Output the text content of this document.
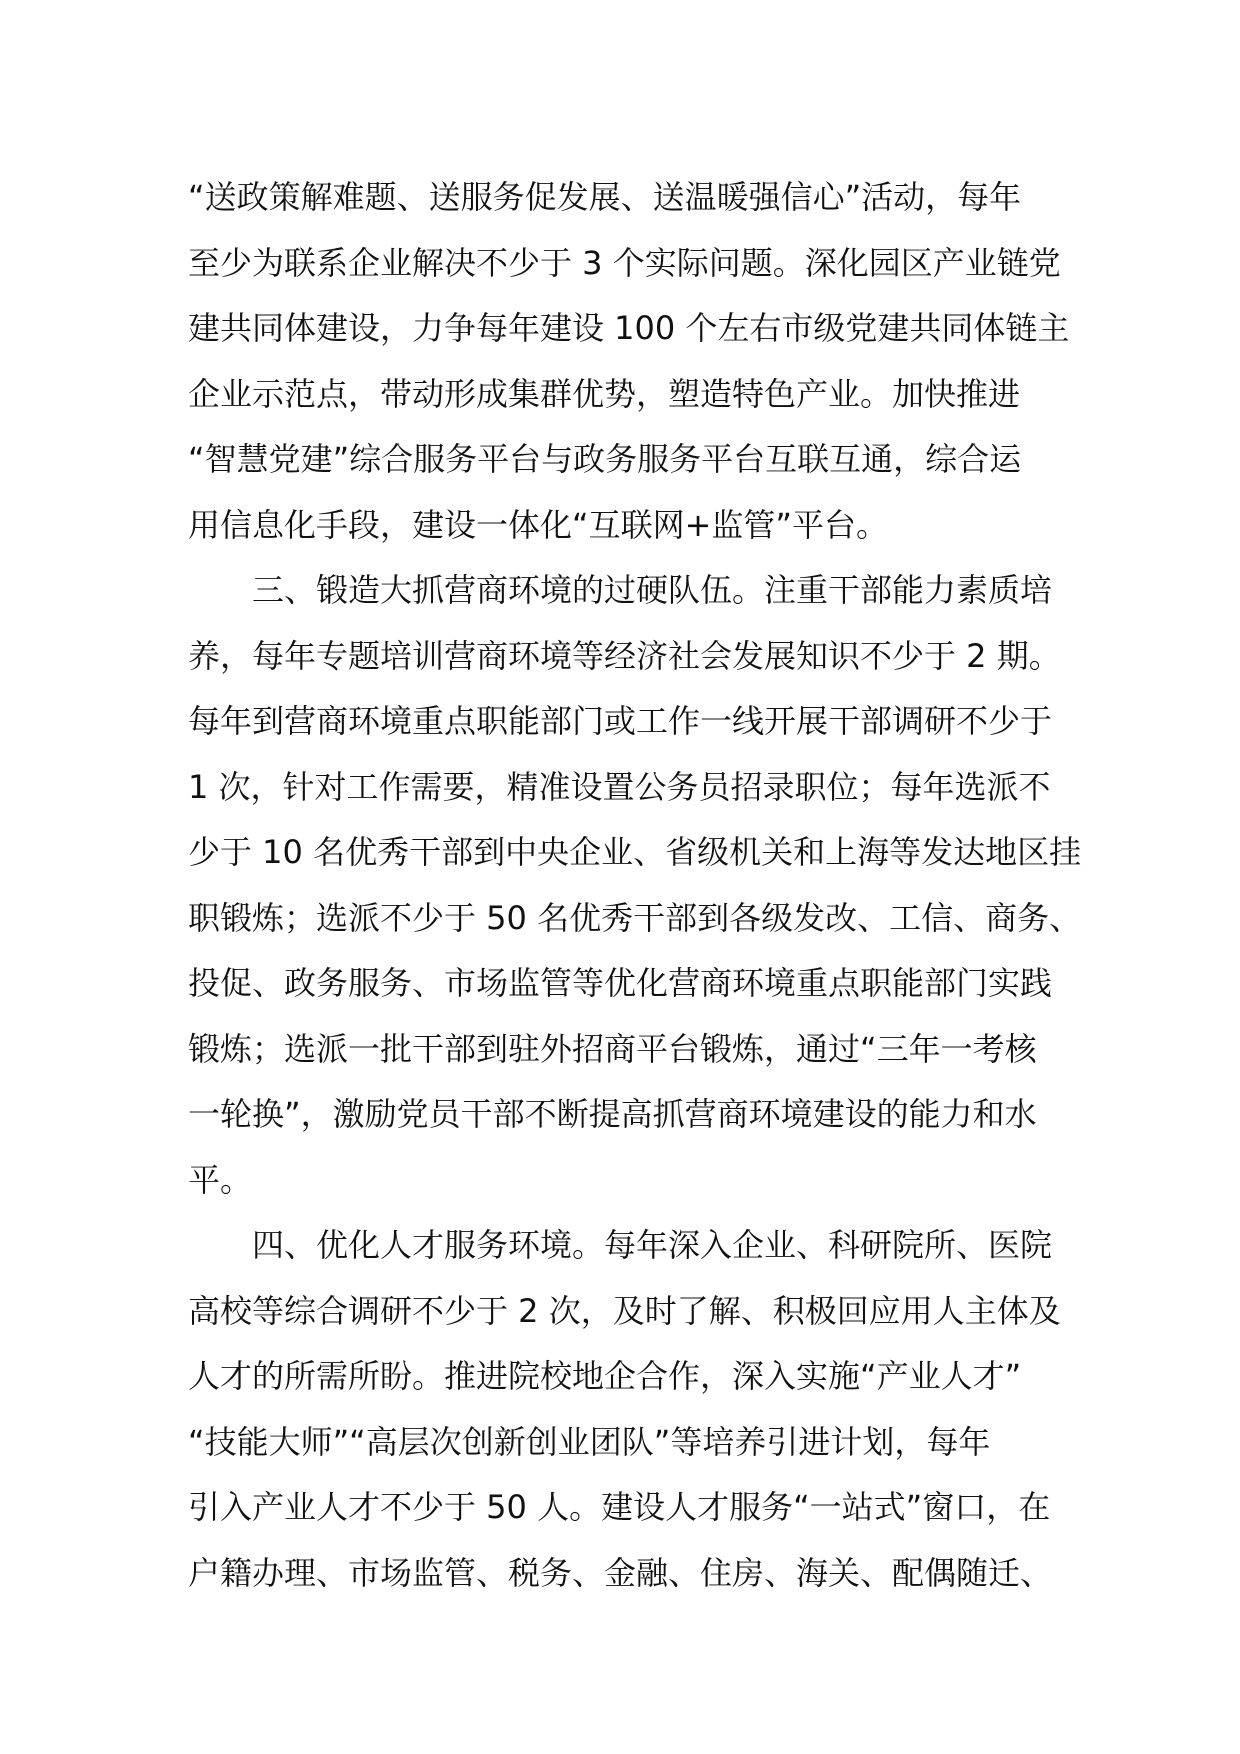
“送政策解难题、送服务促发展、送温暖强信心”活动，每年
至少为联系企业解决不少于 3 个实际问题。深化园区产业链党
建共同体建设，力争每年建设 100 个左右市级党建共同体链主
企业示范点，带动形成集群优势，塑造特色产业。加快推进
“智慧党建”综合服务平台与政务服务平台互联互通，综合运
用信息化手段，建设一体化“互联网+监管”平台。
三、锻造大抓营商环境的过硬队伍。注重干部能力素质培
养，每年专题培训营商环境等经济社会发展知识不少于 2 期。
每年到营商环境重点职能部门或工作一线开展干部调研不少于
1 次，针对工作需要，精准设置公务员招录职位；每年选派不
少于 10 名优秀干部到中央企业、省级机关和上海等发达地区挂
职锻炼；选派不少于 50 名优秀干部到各级发改、工信、商务、
投促、政务服务、市场监管等优化营商环境重点职能部门实践
锻炼；选派一批干部到驻外招商平台锻炼，通过“三年一考核
一轮换”，激励党员干部不断提高抓营商环境建设的能力和水
平。
四、优化人才服务环境。每年深入企业、科研院所、医院
高校等综合调研不少于 2 次，及时了解、积极回应用人主体及
人才的所需所盼。推进院校地企合作，深入实施“产业人才”
“技能大师”“高层次创新创业团队”等培养引进计划，每年
引入产业人才不少于 50 人。建设人才服务“一站式”窗口，在
户籍办理、市场监管、税务、金融、住房、海关、配偶随迁、
